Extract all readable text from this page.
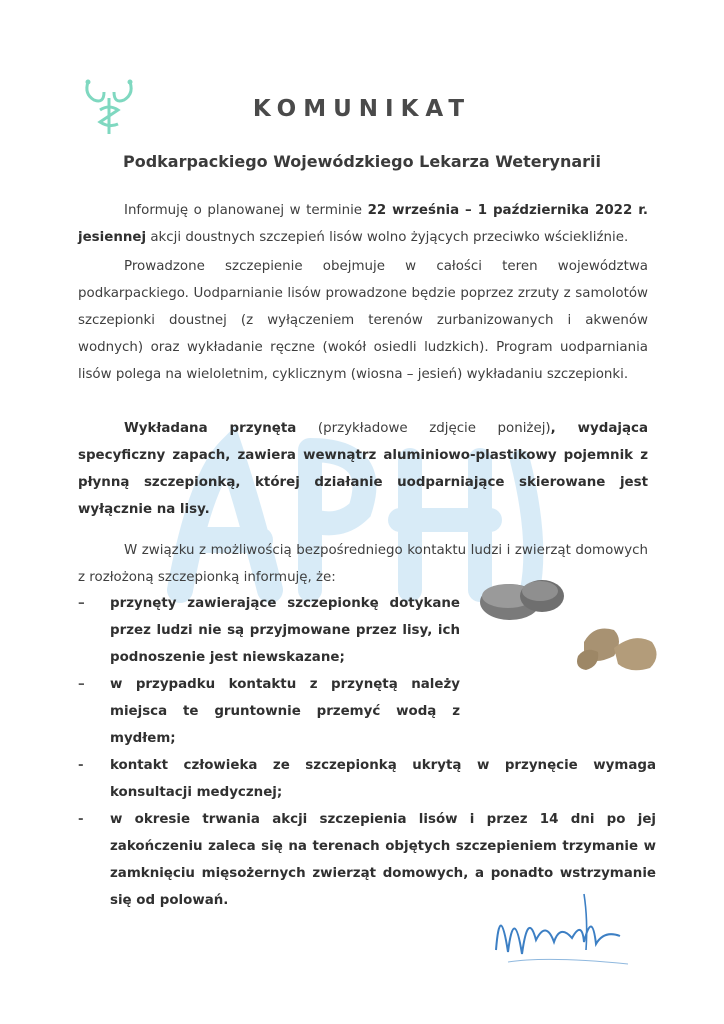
KOMUNIKAT
Podkarpackiego Wojewódzkiego Lekarza Weterynarii
Informuję o planowanej w terminie 22 września – 1 października 2022 r. jesiennej akcji doustnych szczepień lisów wolno żyjących przeciwko wściekliźnie.
Prowadzone szczepienie obejmuje w całości teren województwa podkarpackiego. Uodparnianie lisów prowadzone będzie poprzez zrzuty z samolotów szczepionki doustnej (z wyłączeniem terenów zurbanizowanych i akwenów wodnych) oraz wykładanie ręczne (wokół osiedli ludzkich). Program uodparniania lisów polega na wieloletnim, cyklicznym (wiosna – jesień) wykładaniu szczepionki.
Wykładana przynęta (przykładowe zdjęcie poniżej), wydająca specyficzny zapach, zawiera wewnątrz aluminiowo-plastikowy pojemnik z płynną szczepionką, której działanie uodparniające skierowane jest wyłącznie na lisy.
W związku z możliwością bezpośredniego kontaktu ludzi i zwierząt domowych z rozłożoną szczepionką informuję, że:
– przynęty zawierające szczepionkę dotykane przez ludzi nie są przyjmowane przez lisy, ich podnoszenie jest niewskazane;
– w przypadku kontaktu z przynętą należy miejsca te gruntownie przemyć wodą z mydłem;
- kontakt człowieka ze szczepionką ukrytą w przynęcie wymaga konsultacji medycznej;
- w okresie trwania akcji szczepienia lisów i przez 14 dni po jej zakończeniu zaleca się na terenach objętych szczepieniem trzymanie w zamknięciu mięsożernych zwierząt domowych, a ponadto wstrzymanie się od polowań.
